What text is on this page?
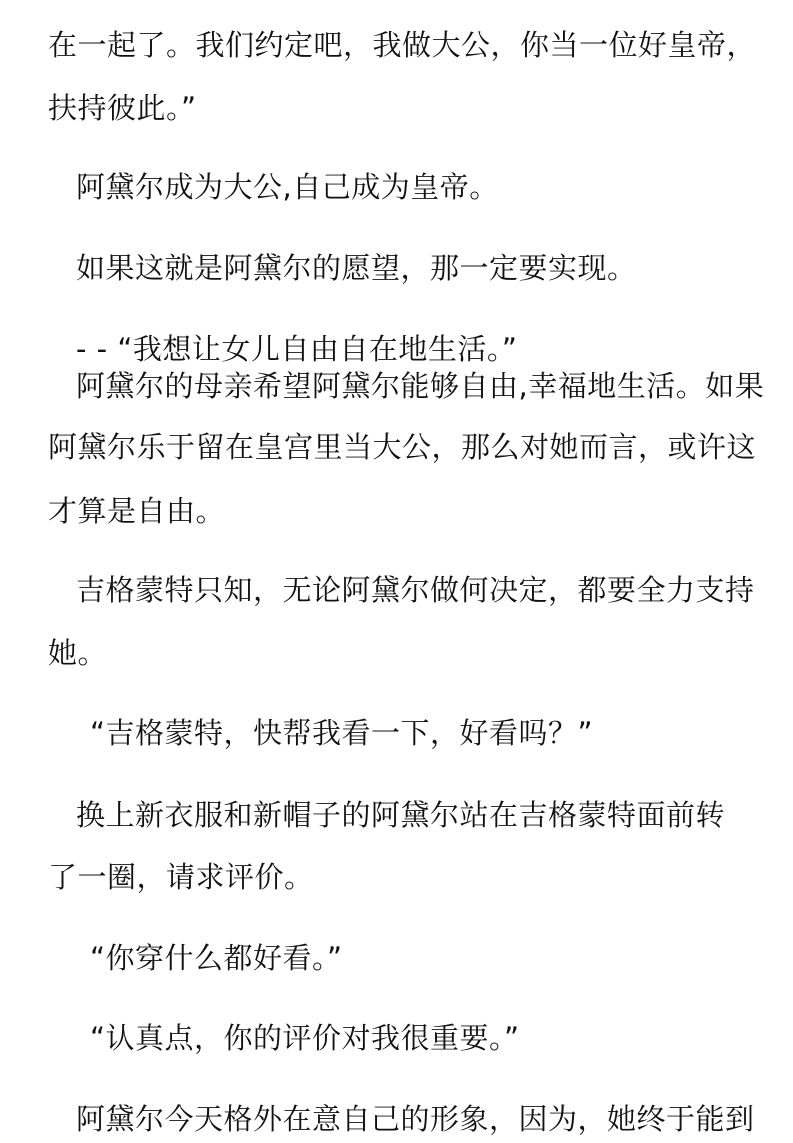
在一起了。我们约定吧，我做大公，你当一位好皇帝，
扶持彼此。”
阿黛尔成为大公,自己成为皇帝。
如果这就是阿黛尔的愿望，那一定要实现。
- - “我想让女儿自由自在地生活。”
阿黛尔的母亲希望阿黛尔能够自由,幸福地生活。如果
阿黛尔乐于留在皇宫里当大公，那么对她而言，或许这
才算是自由。
吉格蒙特只知，无论阿黛尔做何决定，都要全力支持
她。
“吉格蒙特，快帮我看一下，好看吗？”
换上新衣服和新帽子的阿黛尔站在吉格蒙特面前转
了一圈，请求评价。
“你穿什么都好看。”
“认真点，你的评价对我很重要。”
阿黛尔今天格外在意自己的形象，因为，她终于能到
